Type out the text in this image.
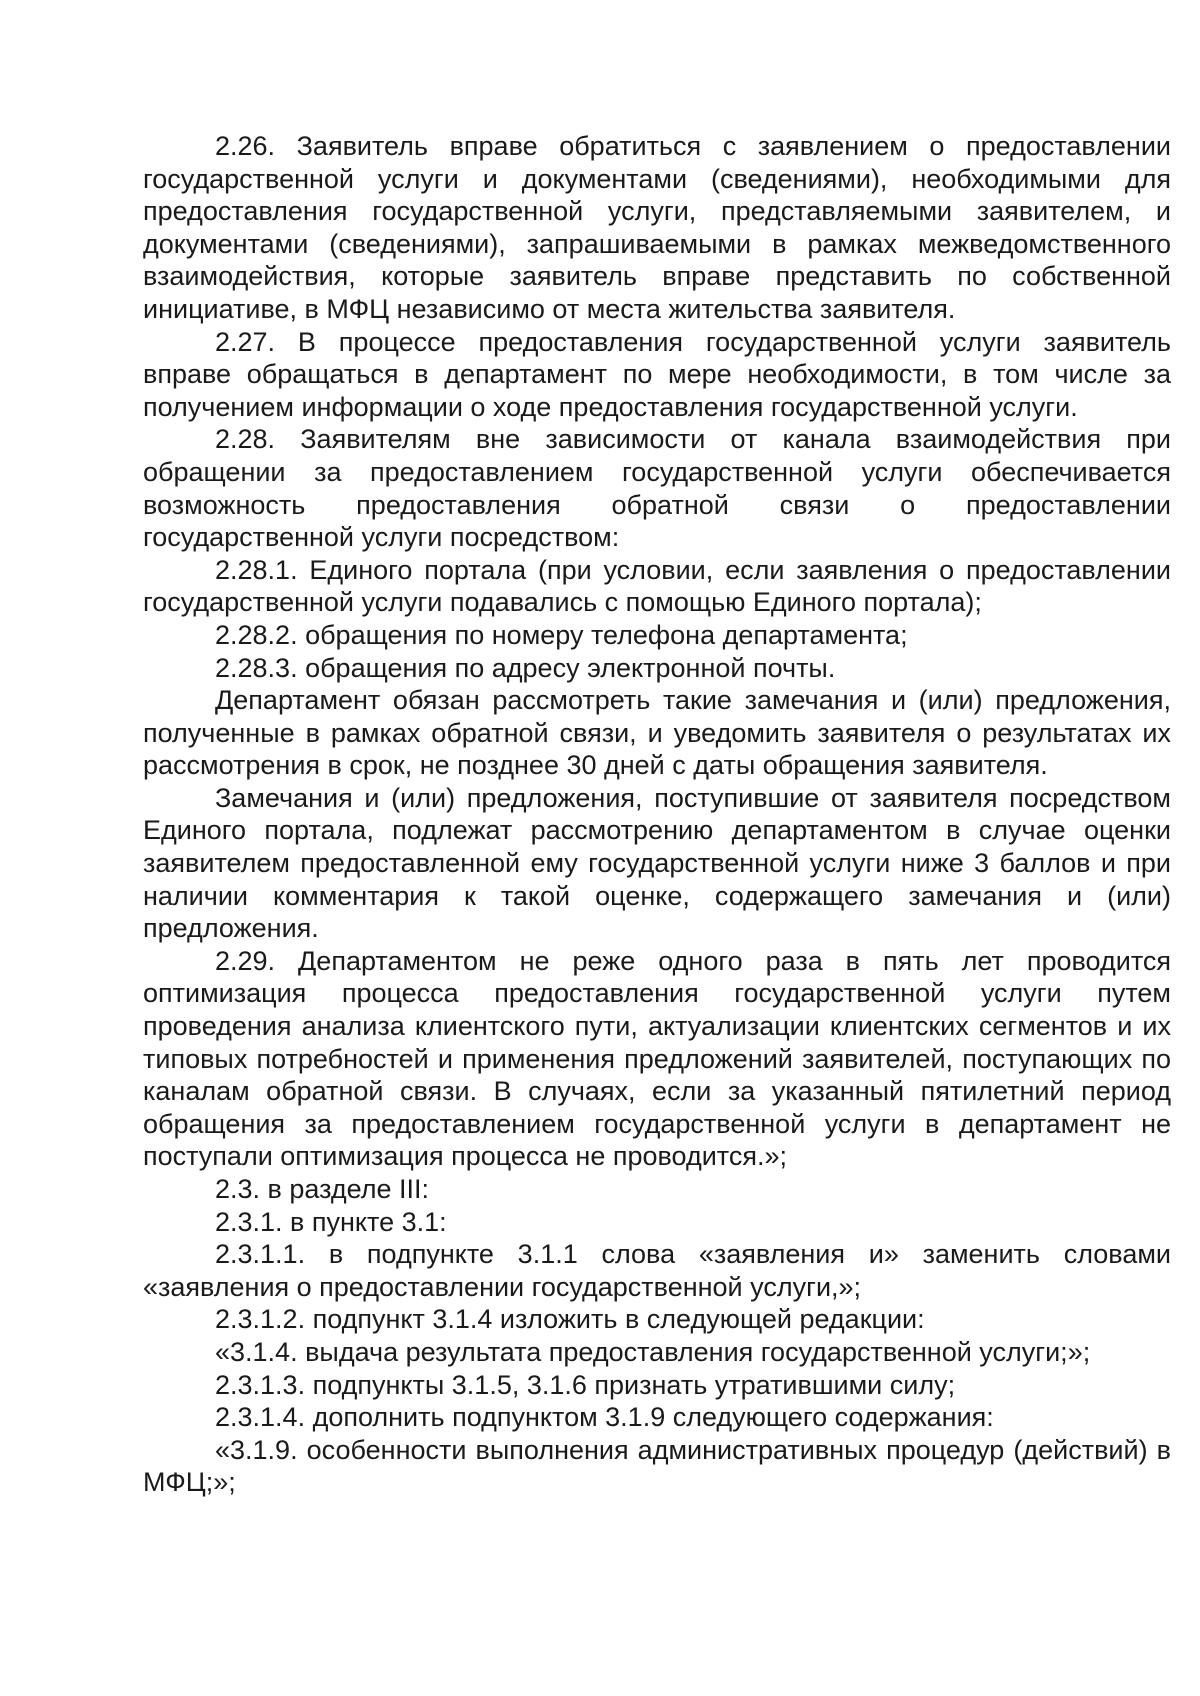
2.26. Заявитель вправе обратиться с заявлением о предоставлении государственной услуги и документами (сведениями), необходимыми для предоставления государственной услуги, представляемыми заявителем, и документами (сведениями), запрашиваемыми в рамках межведомственного взаимодействия, которые заявитель вправе представить по собственной инициативе, в МФЦ независимо от места жительства заявителя.

2.27. В процессе предоставления государственной услуги заявитель вправе обращаться в департамент по мере необходимости, в том числе за получением информации о ходе предоставления государственной услуги.

2.28. Заявителям вне зависимости от канала взаимодействия при обращении за предоставлением государственной услуги обеспечивается возможность предоставления обратной связи о предоставлении государственной услуги посредством:

2.28.1. Единого портала (при условии, если заявления о предоставлении государственной услуги подавались с помощью Единого портала);

2.28.2. обращения по номеру телефона департамента;

2.28.3. обращения по адресу электронной почты.

Департамент обязан рассмотреть такие замечания и (или) предложения, полученные в рамках обратной связи, и уведомить заявителя о результатах их рассмотрения в срок, не позднее 30 дней с даты обращения заявителя.

Замечания и (или) предложения, поступившие от заявителя посредством Единого портала, подлежат рассмотрению департаментом в случае оценки заявителем предоставленной ему государственной услуги ниже 3 баллов и при наличии комментария к такой оценке, содержащего замечания и (или) предложения.

2.29. Департаментом не реже одного раза в пять лет проводится оптимизация процесса предоставления государственной услуги путем проведения анализа клиентского пути, актуализации клиентских сегментов и их типовых потребностей и применения предложений заявителей, поступающих по каналам обратной связи. В случаях, если за указанный пятилетний период обращения за предоставлением государственной услуги в департамент не поступали оптимизация процесса не проводится.»;

2.3. в разделе III:

2.3.1. в пункте 3.1:

2.3.1.1. в подпункте 3.1.1 слова «заявления и» заменить словами «заявления о предоставлении государственной услуги,»;

2.3.1.2. подпункт 3.1.4 изложить в следующей редакции:

«3.1.4. выдача результата предоставления государственной услуги;»;

2.3.1.3. подпункты 3.1.5, 3.1.6 признать утратившими силу;

2.3.1.4. дополнить подпунктом 3.1.9 следующего содержания:

«3.1.9. особенности выполнения административных процедур (действий) в МФЦ;»;
